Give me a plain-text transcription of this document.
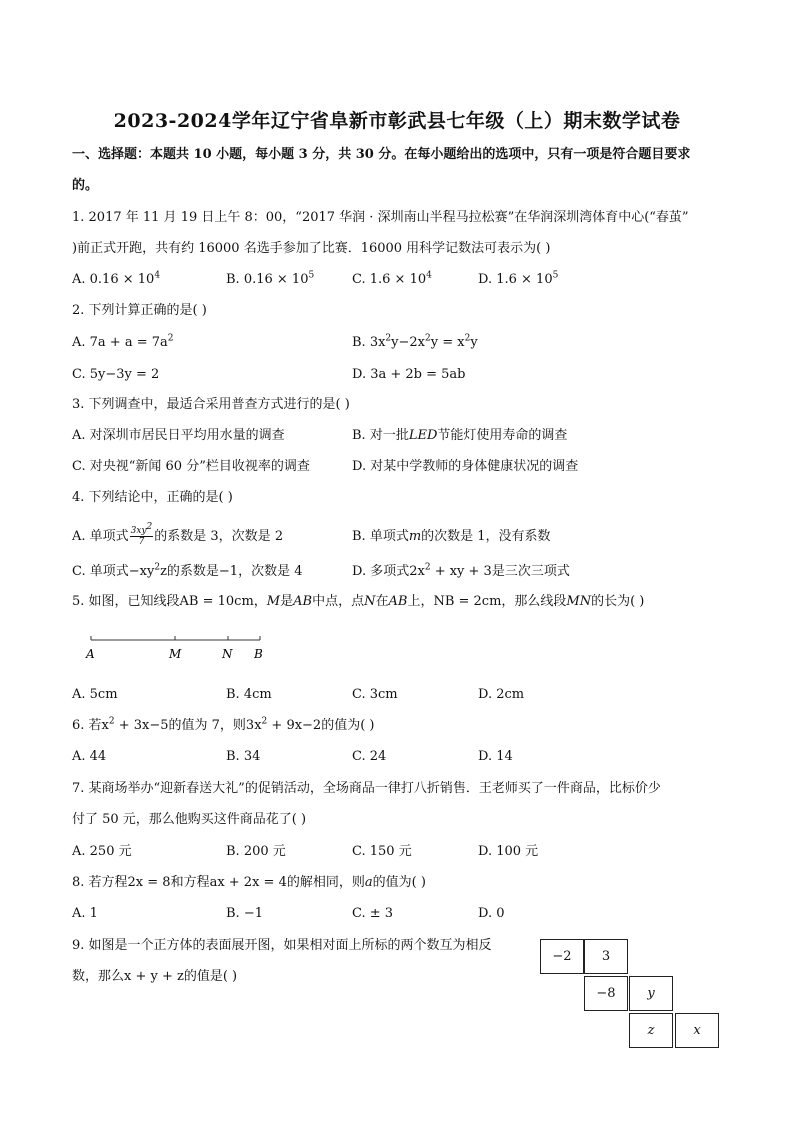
2023-2024学年辽宁省阜新市彰武县七年级（上）期末数学试卷
一、选择题：本题共 10 小题，每小题 3 分，共 30 分。在每小题给出的选项中，只有一项是符合题目要求
的。
1. 2017 年 11 月 19 日上午 8：00，“2017 华润 · 深圳南山半程马拉松赛”在华润深圳湾体育中心(“春茧”
)前正式开跑，共有约 16000 名选手参加了比赛．16000 用科学记数法可表示为( )
A. $0.16 \times 10^4$	B. $0.16 \times 10^5$	C. $1.6 \times 10^4$	D. $1.6 \times 10^5$
2. 下列计算正确的是( )
A. $7a + a = 7a^2$	B. $3x^2y-2x^2y = x^2y$
C. 5y−3y = 2	D. 3a + 2b = 5ab
3. 下列调查中，最适合采用普查方式进行的是( )
A. 对深圳市居民日平均用水量的调查	B. 对一批LED节能灯使用寿命的调查
C. 对央视“新闻 60 分”栏目收视率的调查	D. 对某中学教师的身体健康状况的调查
4. 下列结论中，正确的是( )
A. 单项式 $\frac{3xy^2}{7}$ 的系数是 3，次数是 2	B. 单项式m的次数是 1，没有系数
C. 单项式$-xy^2z$的系数是−1，次数是 4	D. 多项式$2x^2$ + xy + 3是三次三项式
5. 如图，已知线段AB = 10cm，M是AB中点，点N在AB上，NB = 2cm，那么线段MN的长为( )
A	M	N B
A. 5cm	B. 4cm	C. 3cm	D. 2cm
6. 若$x^2 + 3x-5$的值为 7，则$3x^2 + 9x-2$的值为( )
A. 44	B. 34	C. 24	D. 14
7. 某商场举办“迎新春送大礼”的促销活动，全场商品一律打八折销售．王老师买了一件商品，比标价少
付了 50 元，那么他购买这件商品花了( )
A. 250 元	B. 200 元	C. 150 元	D. 100 元
8. 若方程2x = 8和方程ax + 2x = 4的解相同，则a的值为( )
A. 1	B. −1	C. ± 3	D. 0
9. 如图是一个正方体的表面展开图，如果相对面上所标的两个数互为相反
数，那么x + y + z的值是( )
−2	3
−8	y
z	x
